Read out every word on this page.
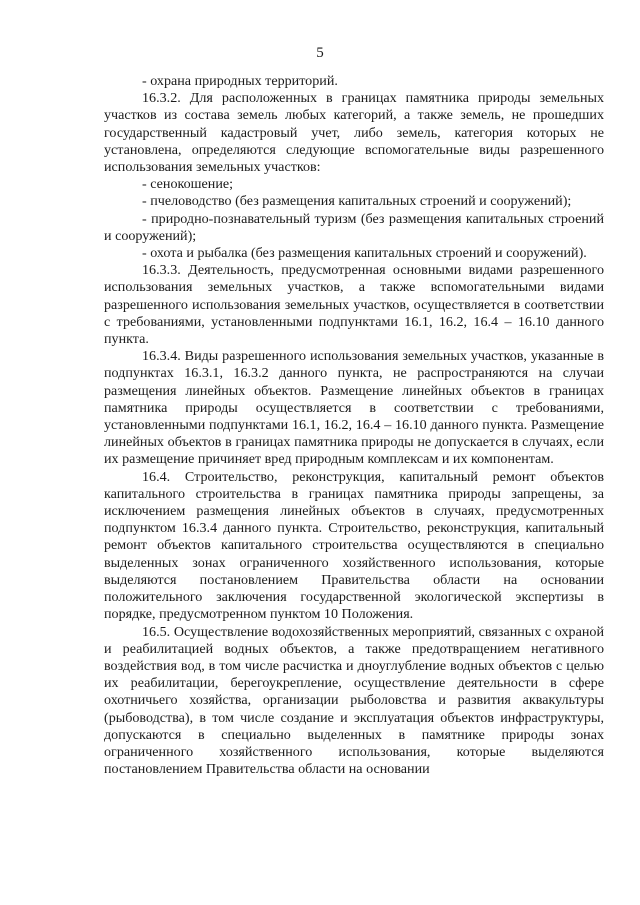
5

- охрана природных территорий.

16.3.2. Для расположенных в границах памятника природы земельных участков из состава земель любых категорий, а также земель, не прошедших государственный кадастровый учет, либо земель, категория которых не установлена, определяются следующие вспомогательные виды разрешенного использования земельных участков:

- сенокошение;

- пчеловодство (без размещения капитальных строений и сооружений);

- природно-познавательный туризм (без размещения капитальных строений и сооружений);

- охота и рыбалка (без размещения капитальных строений и сооружений).

16.3.3. Деятельность, предусмотренная основными видами разрешенного использования земельных участков, а также вспомогательными видами разрешенного использования земельных участков, осуществляется в соответствии с требованиями, установленными подпунктами 16.1, 16.2, 16.4 – 16.10 данного пункта.

16.3.4. Виды разрешенного использования земельных участков, указанные в подпунктах 16.3.1, 16.3.2 данного пункта, не распространяются на случаи размещения линейных объектов. Размещение линейных объектов в границах памятника природы осуществляется в соответствии с требованиями, установленными подпунктами 16.1, 16.2, 16.4 – 16.10 данного пункта. Размещение линейных объектов в границах памятника природы не допускается в случаях, если их размещение причиняет вред природным комплексам и их компонентам.

16.4. Строительство, реконструкция, капитальный ремонт объектов капитального строительства в границах памятника природы запрещены, за исключением размещения линейных объектов в случаях, предусмотренных подпунктом 16.3.4 данного пункта. Строительство, реконструкция, капитальный ремонт объектов капитального строительства осуществляются в специально выделенных зонах ограниченного хозяйственного использования, которые выделяются постановлением Правительства области на основании положительного заключения государственной экологической экспертизы в порядке, предусмотренном пунктом 10 Положения.

16.5. Осуществление водохозяйственных мероприятий, связанных с охраной и реабилитацией водных объектов, а также предотвращением негативного воздействия вод, в том числе расчистка и дноуглубление водных объектов с целью их реабилитации, берегоукрепление, осуществление деятельности в сфере охотничьего хозяйства, организации рыболовства и развития аквакультуры (рыбоводства), в том числе создание и эксплуатация объектов инфраструктуры, допускаются в специально выделенных в памятнике природы зонах ограниченного хозяйственного использования, которые выделяются постановлением Правительства области на основании
